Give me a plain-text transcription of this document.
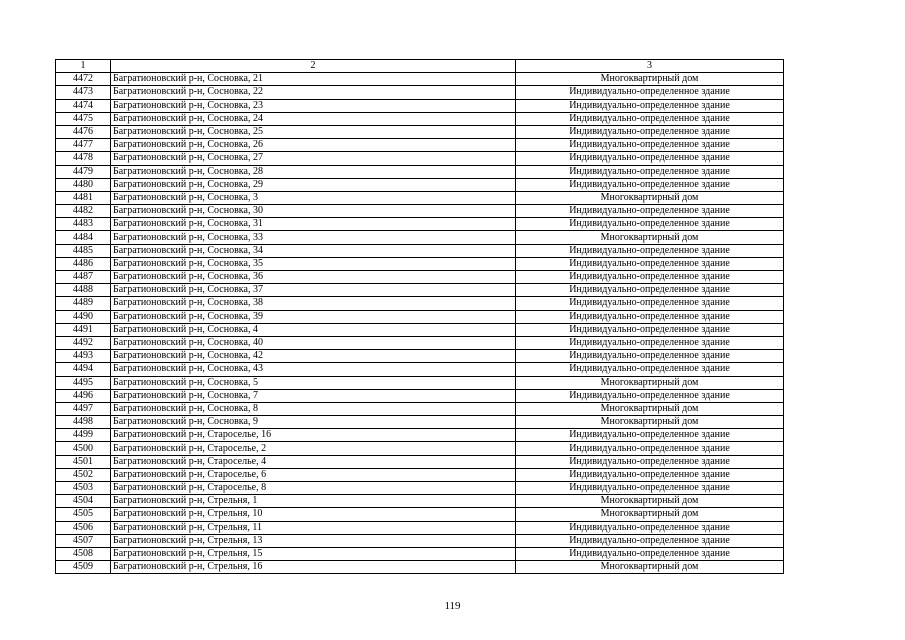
1	2	3
4472	Багратионовский р-н, Сосновка, 21	Многоквартирный дом
4473	Багратионовский р-н, Сосновка, 22	Индивидуально-определенное здание
4474	Багратионовский р-н, Сосновка, 23	Индивидуально-определенное здание
4475	Багратионовский р-н, Сосновка, 24	Индивидуально-определенное здание
4476	Багратионовский р-н, Сосновка, 25	Индивидуально-определенное здание
4477	Багратионовский р-н, Сосновка, 26	Индивидуально-определенное здание
4478	Багратионовский р-н, Сосновка, 27	Индивидуально-определенное здание
4479	Багратионовский р-н, Сосновка, 28	Индивидуально-определенное здание
4480	Багратионовский р-н, Сосновка, 29	Индивидуально-определенное здание
4481	Багратионовский р-н, Сосновка, 3	Многоквартирный дом
4482	Багратионовский р-н, Сосновка, 30	Индивидуально-определенное здание
4483	Багратионовский р-н, Сосновка, 31	Индивидуально-определенное здание
4484	Багратионовский р-н, Сосновка, 33	Многоквартирный дом
4485	Багратионовский р-н, Сосновка, 34	Индивидуально-определенное здание
4486	Багратионовский р-н, Сосновка, 35	Индивидуально-определенное здание
4487	Багратионовский р-н, Сосновка, 36	Индивидуально-определенное здание
4488	Багратионовский р-н, Сосновка, 37	Индивидуально-определенное здание
4489	Багратионовский р-н, Сосновка, 38	Индивидуально-определенное здание
4490	Багратионовский р-н, Сосновка, 39	Индивидуально-определенное здание
4491	Багратионовский р-н, Сосновка, 4	Индивидуально-определенное здание
4492	Багратионовский р-н, Сосновка, 40	Индивидуально-определенное здание
4493	Багратионовский р-н, Сосновка, 42	Индивидуально-определенное здание
4494	Багратионовский р-н, Сосновка, 43	Индивидуально-определенное здание
4495	Багратионовский р-н, Сосновка, 5	Многоквартирный дом
4496	Багратионовский р-н, Сосновка, 7	Индивидуально-определенное здание
4497	Багратионовский р-н, Сосновка, 8	Многоквартирный дом
4498	Багратионовский р-н, Сосновка, 9	Многоквартирный дом
4499	Багратионовский р-н, Староселье, 16	Индивидуально-определенное здание
4500	Багратионовский р-н, Староселье, 2	Индивидуально-определенное здание
4501	Багратионовский р-н, Староселье, 4	Индивидуально-определенное здание
4502	Багратионовский р-н, Староселье, 6	Индивидуально-определенное здание
4503	Багратионовский р-н, Староселье, 8	Индивидуально-определенное здание
4504	Багратионовский р-н, Стрельня, 1	Многоквартирный дом
4505	Багратионовский р-н, Стрельня, 10	Многоквартирный дом
4506	Багратионовский р-н, Стрельня, 11	Индивидуально-определенное здание
4507	Багратионовский р-н, Стрельня, 13	Индивидуально-определенное здание
4508	Багратионовский р-н, Стрельня, 15	Индивидуально-определенное здание
4509	Багратионовский р-н, Стрельня, 16	Многоквартирный дом
119
